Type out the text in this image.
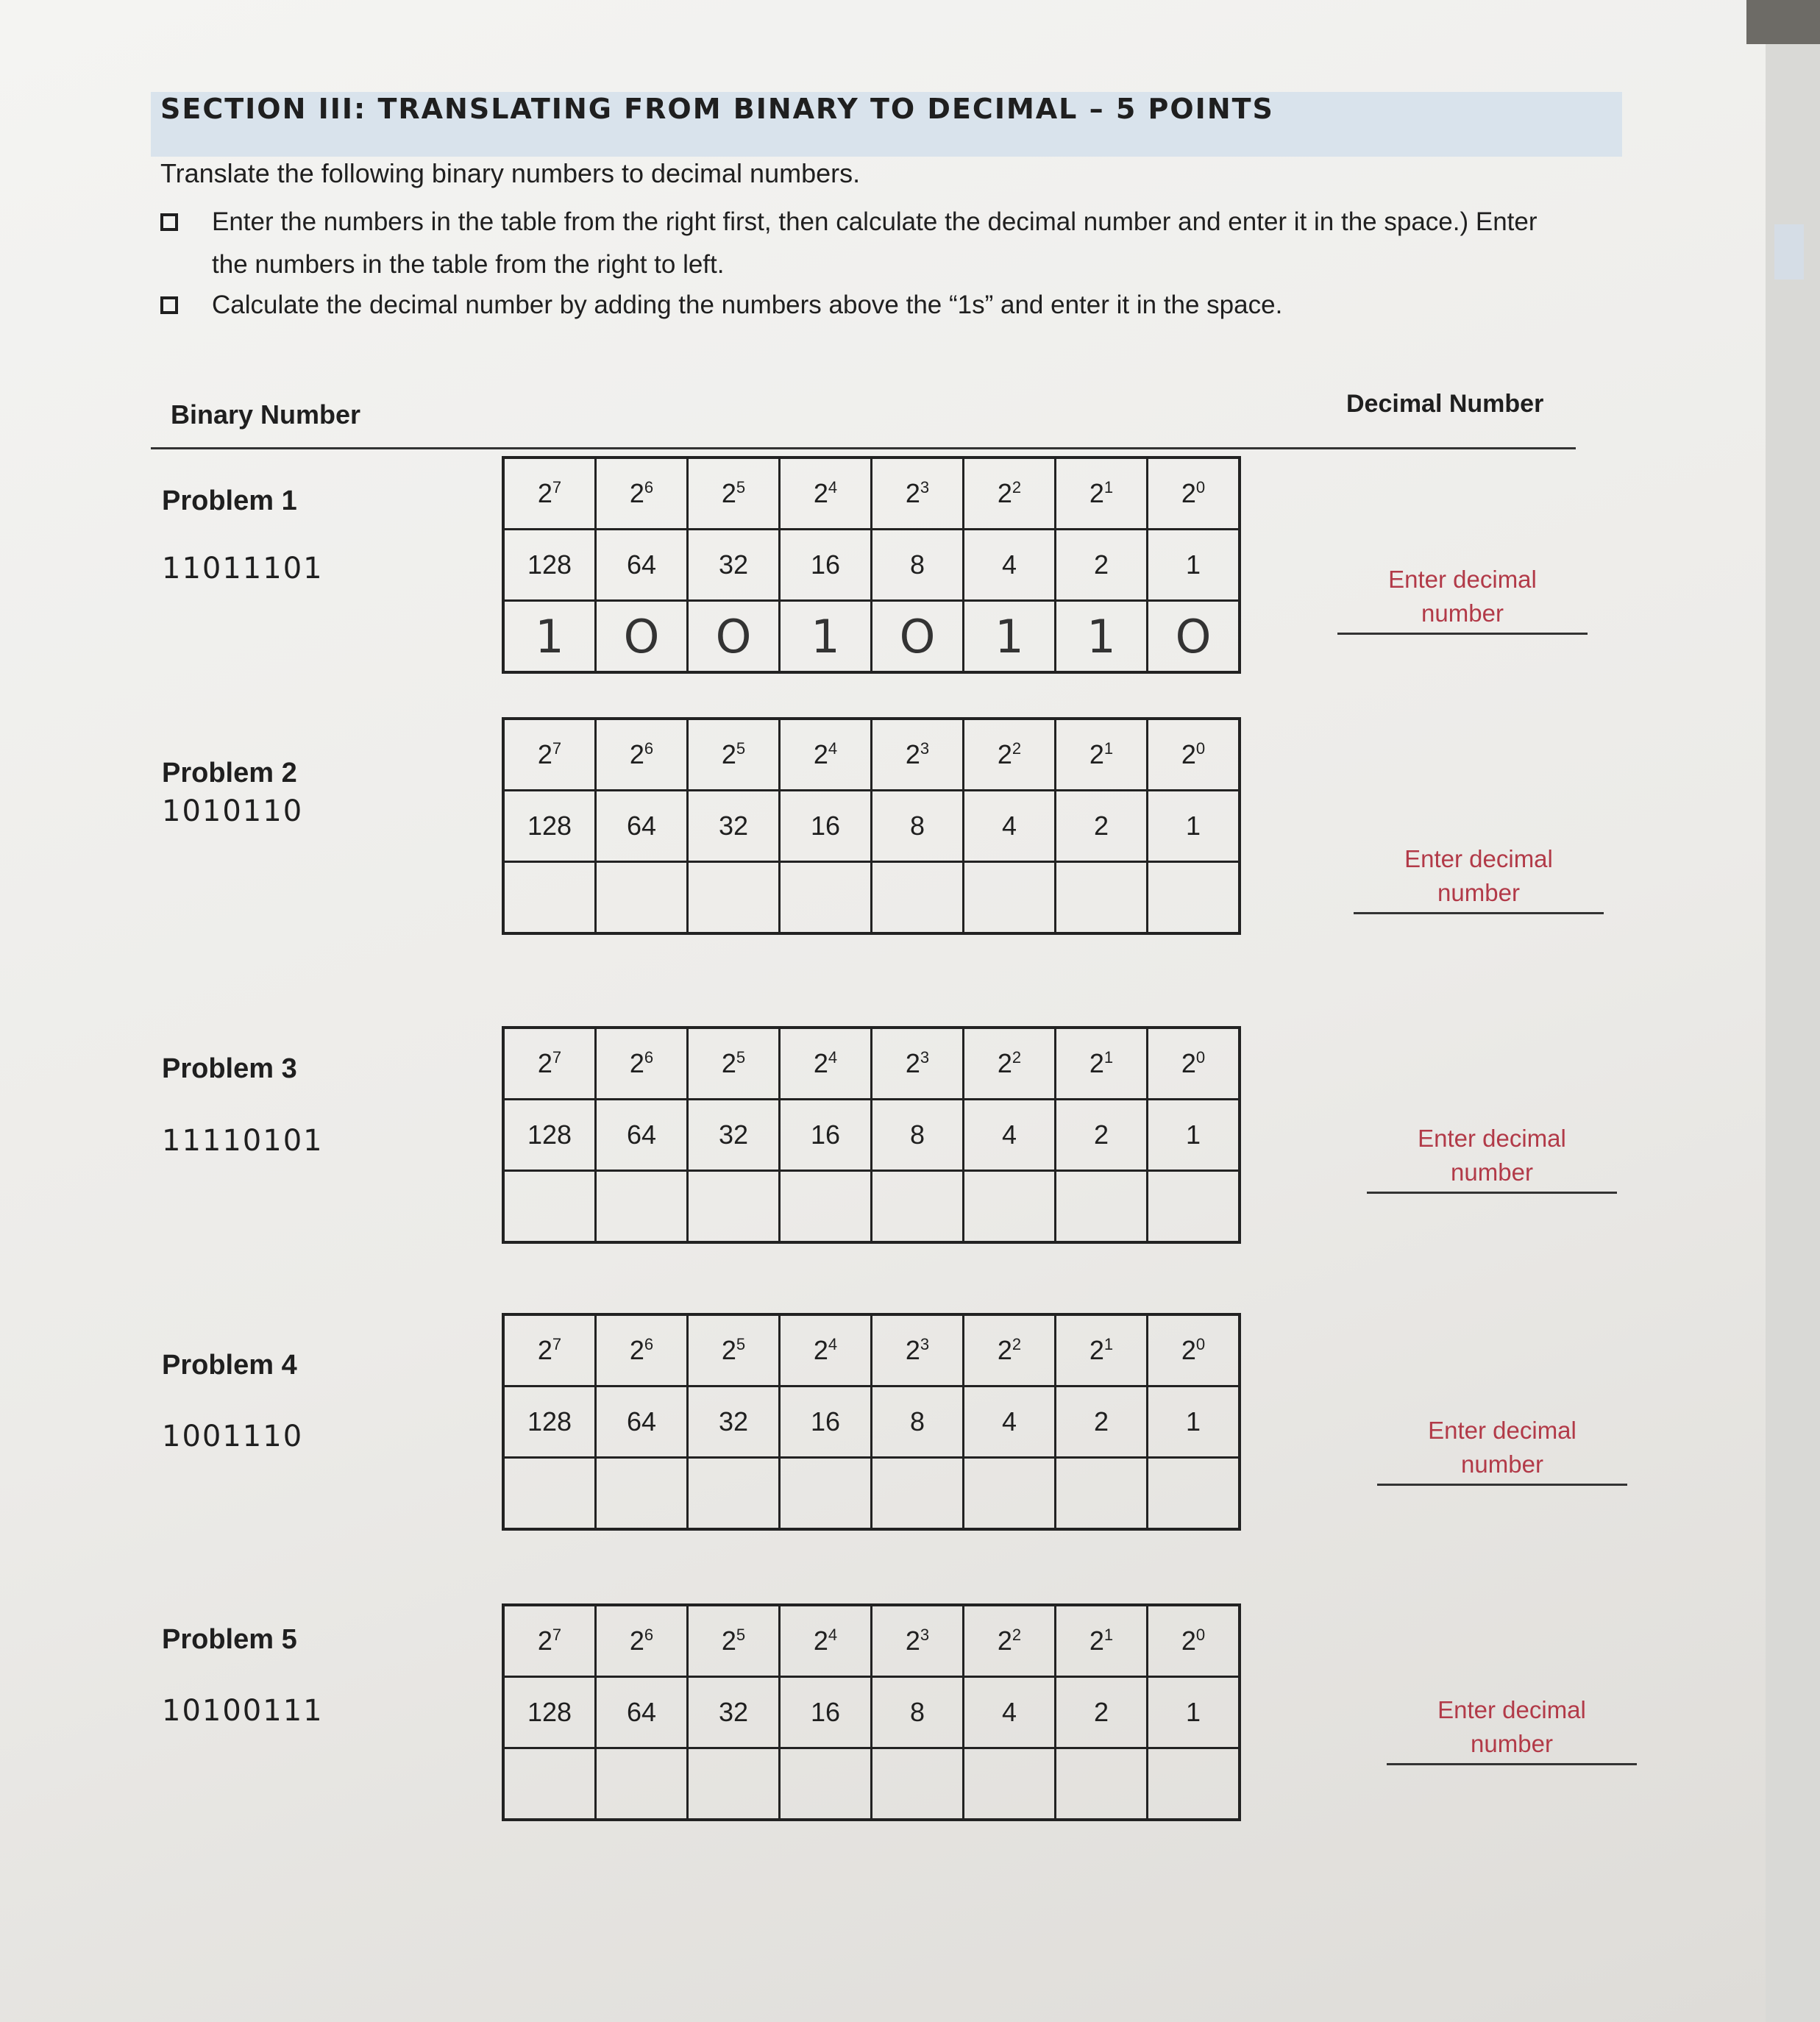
SECTION III: TRANSLATING FROM BINARY TO DECIMAL – 5 POINTS
Translate the following binary numbers to decimal numbers.
Enter the numbers in the table from the right first, then calculate the decimal number and enter it in the space.) Enter
the numbers in the table from the right to left.
Calculate the decimal number by adding the numbers above the “1s” and enter it in the space.
Binary Number	Decimal Number
Problem 1
11011101
$2^7$	$2^6$	$2^5$	$2^4$	$2^3$	$2^2$	$2^1$	$2^0$
128	64	32	16	8	4	2	1
1	O	O	1	O	1	1	O
Enter decimal
number
Problem 2
1010110
$2^7$	$2^6$	$2^5$	$2^4$	$2^3$	$2^2$	$2^1$	$2^0$
128	64	32	16	8	4	2	1

Enter decimal
number
Problem 3
11110101
$2^7$	$2^6$	$2^5$	$2^4$	$2^3$	$2^2$	$2^1$	$2^0$
128	64	32	16	8	4	2	1
								Enter decimal
number
Problem 4
1001110
$2^7$	$2^6$	$2^5$	$2^4$	$2^3$	$2^2$	$2^1$	$2^0$
128	64	32	16	8	4	2	1
								Enter decimal
number
Problem 5
10100111
$2^7$	$2^6$	$2^5$	$2^4$	$2^3$	$2^2$	$2^1$	$2^0$
128	64	32	16	8	4	2	1
								Enter decimal
number
